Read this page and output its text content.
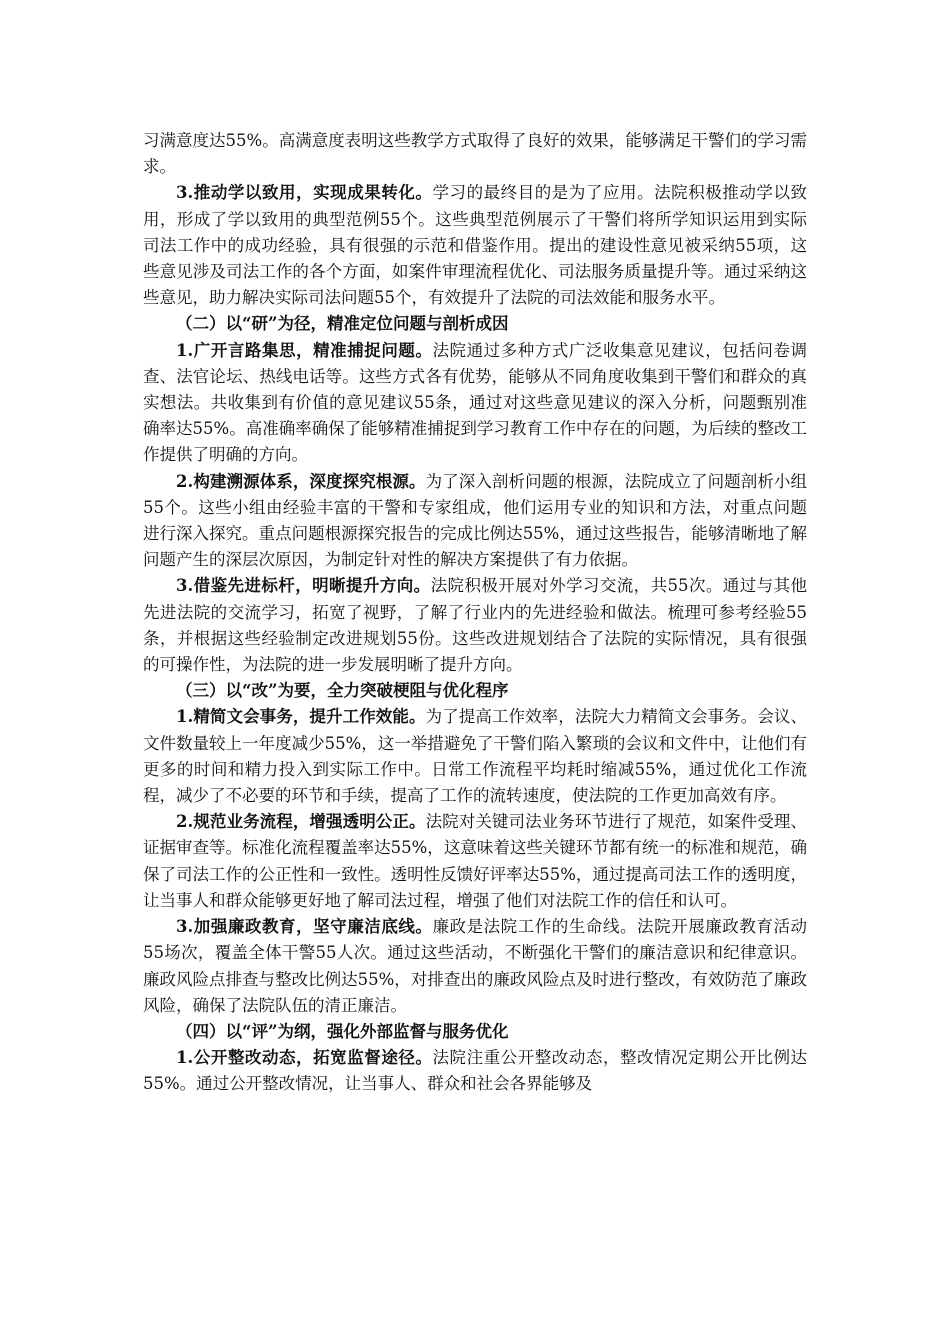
习满意度达55%。高满意度表明这些教学方式取得了良好的效果，能够满足干警们的学习需求。

3.推动学以致用，实现成果转化。学习的最终目的是为了应用。法院积极推动学以致用，形成了学以致用的典型范例55个。这些典型范例展示了干警们将所学知识运用到实际司法工作中的成功经验，具有很强的示范和借鉴作用。提出的建设性意见被采纳55项，这些意见涉及司法工作的各个方面，如案件审理流程优化、司法服务质量提升等。通过采纳这些意见，助力解决实际司法问题55个，有效提升了法院的司法效能和服务水平。

（二）以“研”为径，精准定位问题与剖析成因

1.广开言路集思，精准捕捉问题。法院通过多种方式广泛收集意见建议，包括问卷调查、法官论坛、热线电话等。这些方式各有优势，能够从不同角度收集到干警们和群众的真实想法。共收集到有价值的意见建议55条，通过对这些意见建议的深入分析，问题甄别准确率达55%。高准确率确保了能够精准捕捉到学习教育工作中存在的问题，为后续的整改工作提供了明确的方向。

2.构建溯源体系，深度探究根源。为了深入剖析问题的根源，法院成立了问题剖析小组55个。这些小组由经验丰富的干警和专家组成，他们运用专业的知识和方法，对重点问题进行深入探究。重点问题根源探究报告的完成比例达55%，通过这些报告，能够清晰地了解问题产生的深层次原因，为制定针对性的解决方案提供了有力依据。

3.借鉴先进标杆，明晰提升方向。法院积极开展对外学习交流，共55次。通过与其他先进法院的交流学习，拓宽了视野，了解了行业内的先进经验和做法。梳理可参考经验55条，并根据这些经验制定改进规划55份。这些改进规划结合了法院的实际情况，具有很强的可操作性，为法院的进一步发展明晰了提升方向。

（三）以“改”为要，全力突破梗阻与优化程序

1.精简文会事务，提升工作效能。为了提高工作效率，法院大力精简文会事务。会议、文件数量较上一年度减少55%，这一举措避免了干警们陷入繁琐的会议和文件中，让他们有更多的时间和精力投入到实际工作中。日常工作流程平均耗时缩减55%，通过优化工作流程，减少了不必要的环节和手续，提高了工作的流转速度，使法院的工作更加高效有序。

2.规范业务流程，增强透明公正。法院对关键司法业务环节进行了规范，如案件受理、证据审查等。标准化流程覆盖率达55%，这意味着这些关键环节都有统一的标准和规范，确保了司法工作的公正性和一致性。透明性反馈好评率达55%，通过提高司法工作的透明度，让当事人和群众能够更好地了解司法过程，增强了他们对法院工作的信任和认可。

3.加强廉政教育，坚守廉洁底线。廉政是法院工作的生命线。法院开展廉政教育活动55场次，覆盖全体干警55人次。通过这些活动，不断强化干警们的廉洁意识和纪律意识。廉政风险点排查与整改比例达55%，对排查出的廉政风险点及时进行整改，有效防范了廉政风险，确保了法院队伍的清正廉洁。

（四）以“评”为纲，强化外部监督与服务优化

1.公开整改动态，拓宽监督途径。法院注重公开整改动态，整改情况定期公开比例达55%。通过公开整改情况，让当事人、群众和社会各界能够及
